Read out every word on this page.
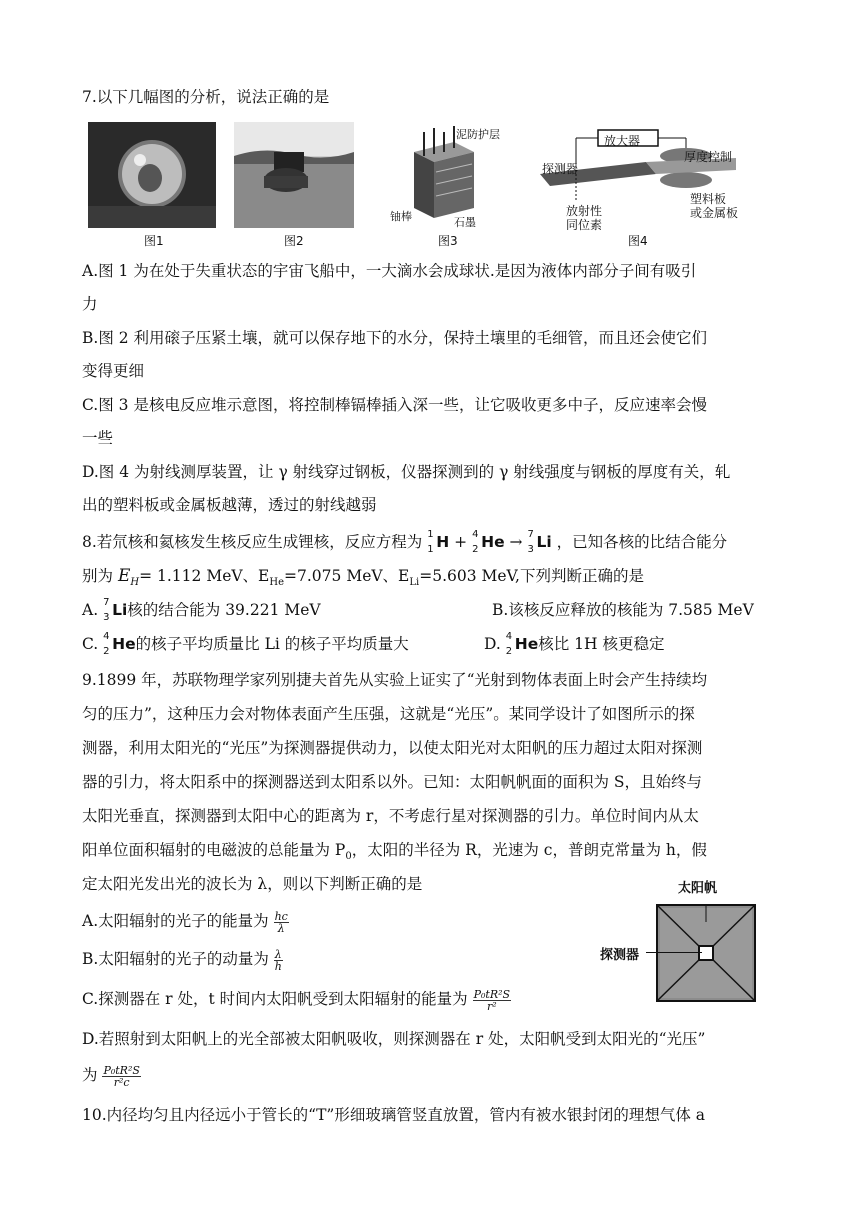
7.以下几幅图的分析，说法正确的是
图1	图2
泥防护层
铀棒	石墨
图3
放大器
探测器
厚度控制
塑料板
或金属板
放射性
同位素
图4
A.图 1 为在处于失重状态的宇宙飞船中，一大滴水会成球状.是因为液体内部分子间有吸引
力
B.图 2 利用磙子压紧土壤，就可以保存地下的水分，保持土壤里的毛细管，而且还会使它们
变得更细
C.图 3 是核电反应堆示意图，将控制棒镉棒插入深一些，让它吸收更多中子，反应速率会慢
一些
D.图 4 为射线测厚装置，让 γ 射线穿过钢板，仪器探测到的 γ 射线强度与钢板的厚度有关，轧
出的塑料板或金属板越薄，透过的射线越弱
8.若氘核和氦核发生核反应生成锂核，反应方程为 1
1 H + 4
2 He → 7
3 Li ，已知各核的比结合能分
别为 $E_H= 1.112$ MeV、$E_{He}=7.075$ MeV、$E_{Li}=5.603$ MeV,下列判断正确的是
A. 7
3 Li核的结合能为 39.221 MeV	B.该核反应释放的核能为 7.585 MeV
C. 4
2 He的核子平均质量比 Li 的核子平均质量大	D. 4
2 He核比 1H 核更稳定
9.1899 年，苏联物理学家列别捷夫首先从实验上证实了“光射到物体表面上时会产生持续均
匀的压力”，这种压力会对物体表面产生压强，这就是“光压”。某同学设计了如图所示的探
测器，利用太阳光的“光压”为探测器提供动力，以使太阳光对太阳帆的压力超过太阳对探测
器的引力，将太阳系中的探测器送到太阳系以外。已知：太阳帆帆面的面积为 S，且始终与
太阳光垂直，探测器到太阳中心的距离为 r，不考虑行星对探测器的引力。单位时间内从太
阳单位面积辐射的电磁波的总能量为 $P_0$，太阳的半径为 R，光速为 c，普朗克常量为 h，假
定太阳光发出光的波长为 λ，则以下判断正确的是	太阳帆
探测器
A.太阳辐射的光子的能量为 $\frac{hc}{\lambda}$
B.太阳辐射的光子的动量为 $\frac{\lambda}{h}$
C.探测器在 r 处，t 时间内太阳帆受到太阳辐射的能量为 $\frac{\text{P₀tR²S}}{\text{r²}}$
D.若照射到太阳帆上的光全部被太阳帆吸收，则探测器在 r 处，太阳帆受到太阳光的“光压”
为 $\frac{\text{P₀tR²S}}{\text{r²c}}$
10.内径均匀且内径远小于管长的“T”形细玻璃管竖直放置，管内有被水银封闭的理想气体 a
